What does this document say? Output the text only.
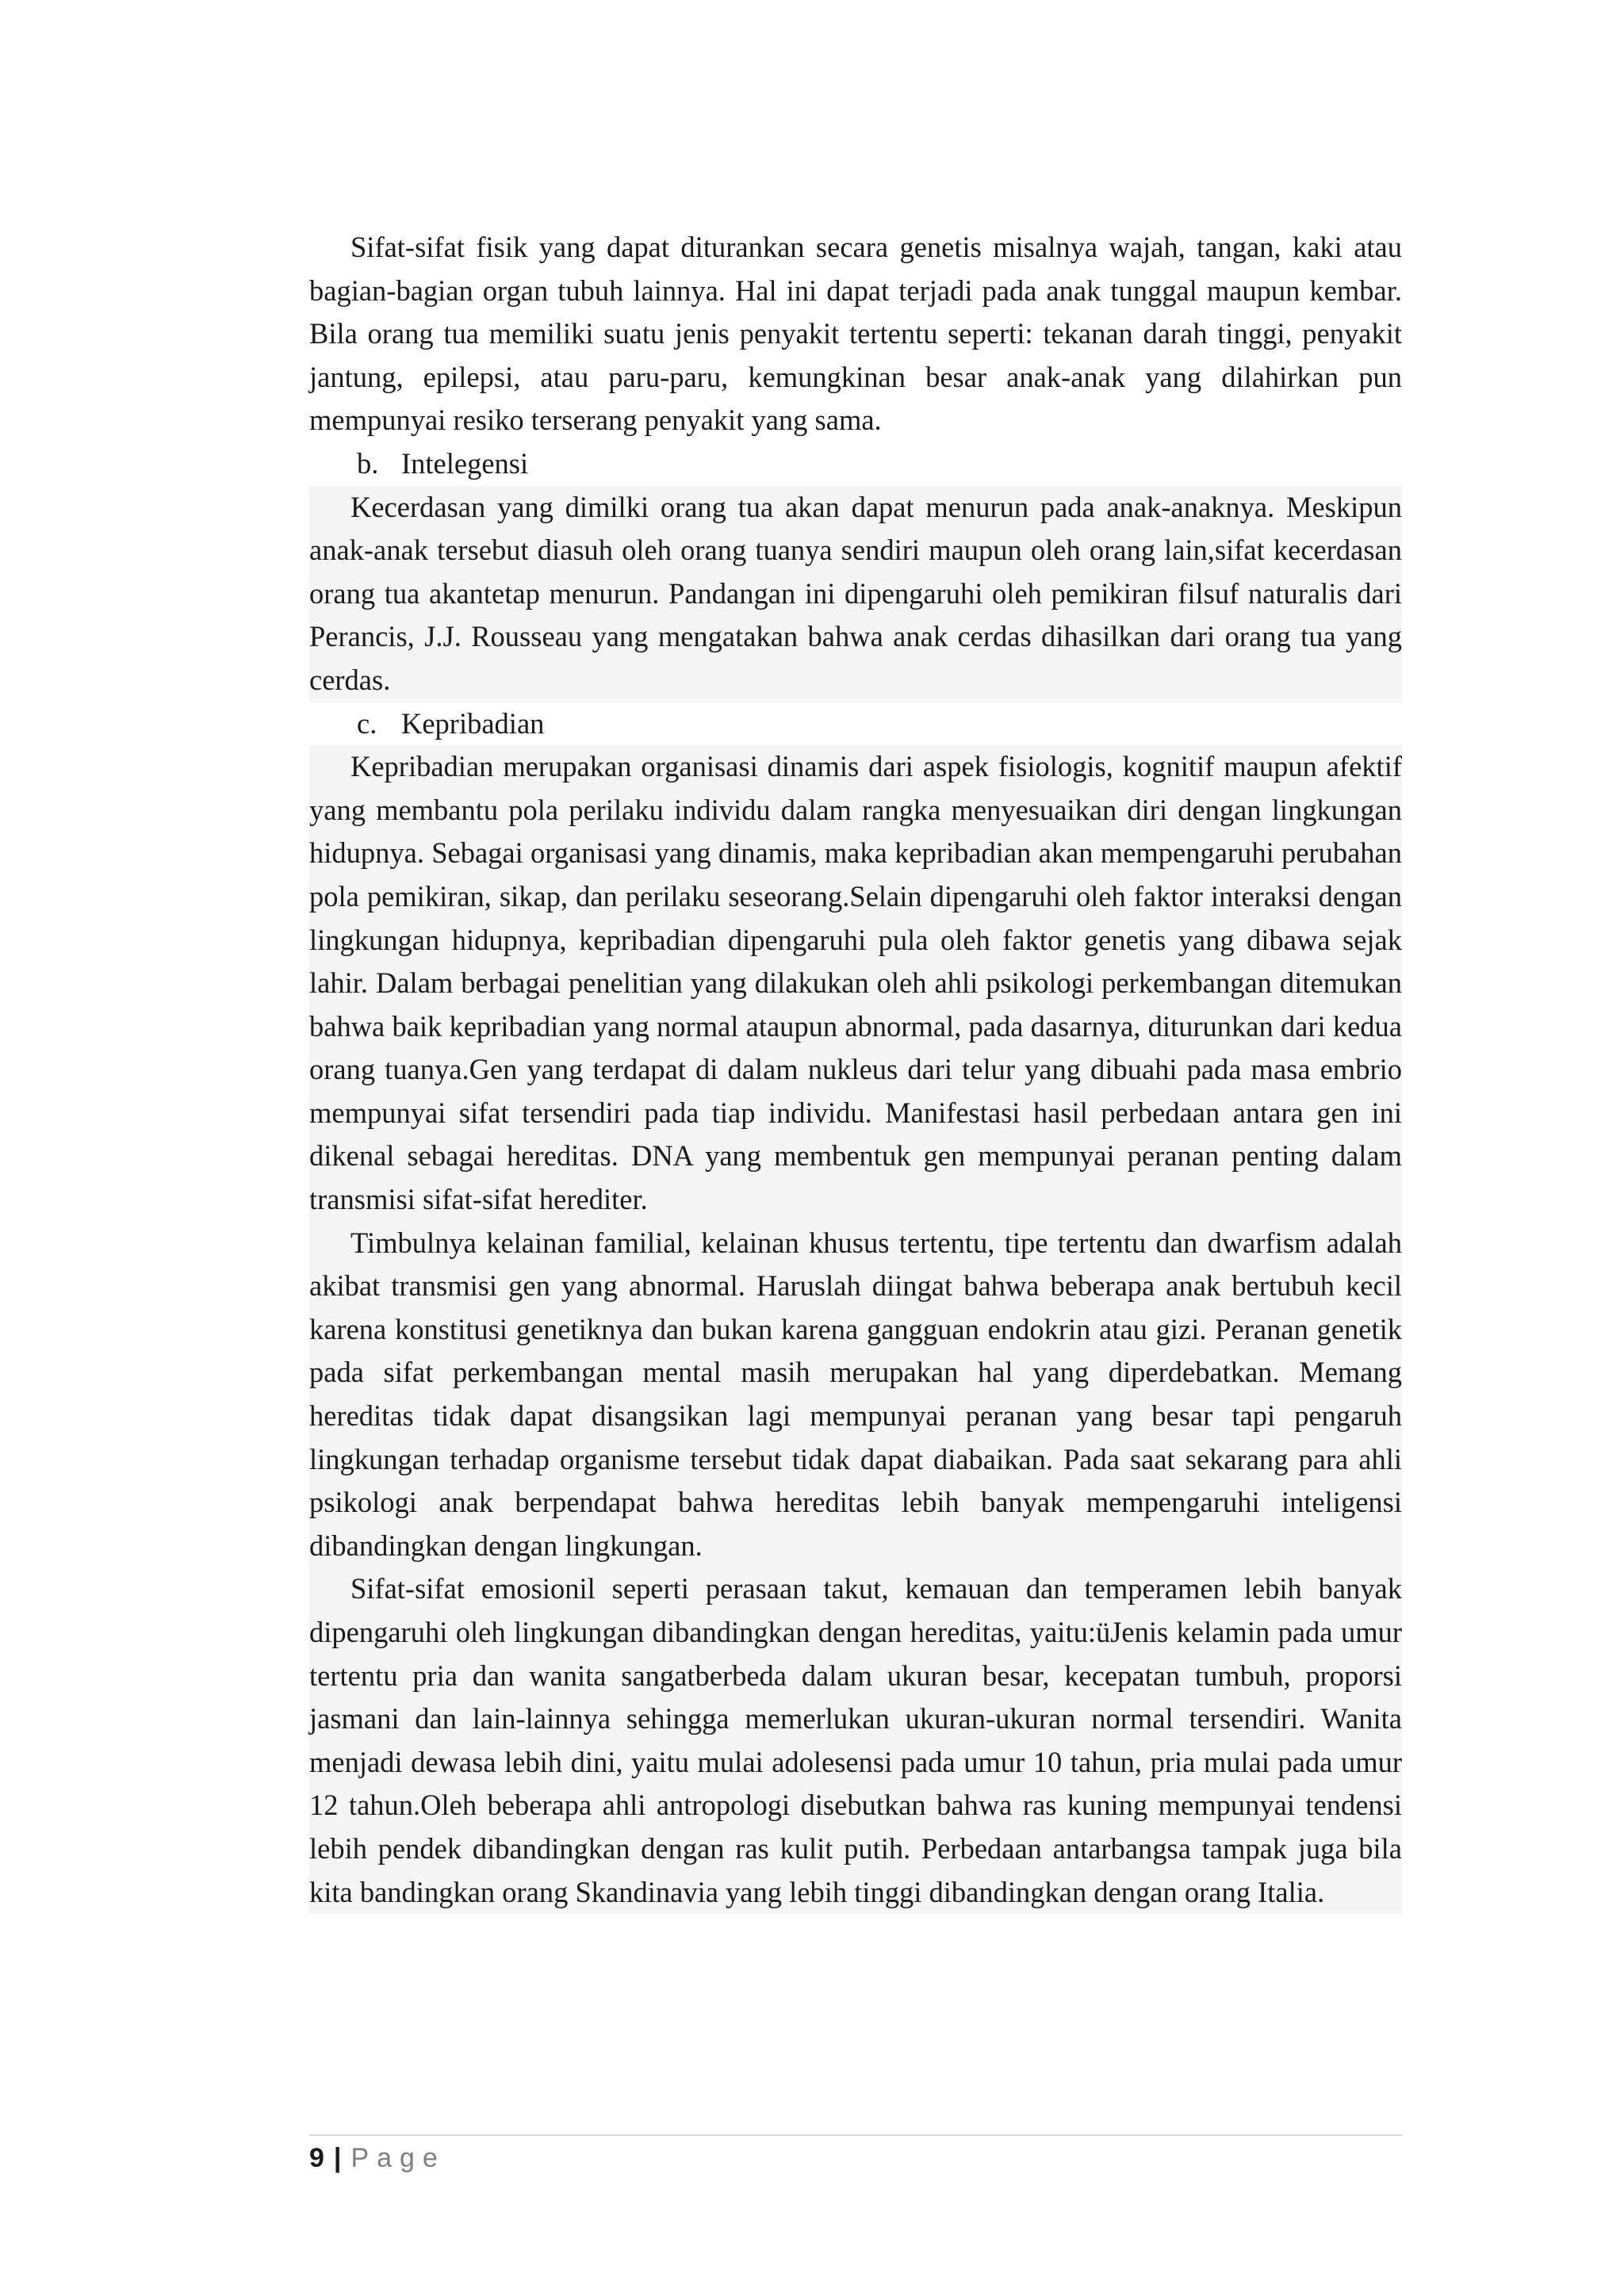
Sifat-sifat fisik yang dapat diturankan secara genetis misalnya wajah, tangan, kaki atau bagian-bagian organ tubuh lainnya. Hal ini dapat terjadi pada anak tunggal maupun kembar. Bila orang tua memiliki suatu jenis penyakit tertentu seperti: tekanan darah tinggi, penyakit jantung, epilepsi, atau paru-paru, kemungkinan besar anak-anak yang dilahirkan pun mempunyai resiko terserang penyakit yang sama.

b. Intelegensi

Kecerdasan yang dimilki orang tua akan dapat menurun pada anak-anaknya. Meskipun anak-anak tersebut diasuh oleh orang tuanya sendiri maupun oleh orang lain,sifat kecerdasan orang tua akantetap menurun. Pandangan ini dipengaruhi oleh pemikiran filsuf naturalis dari Perancis, J.J. Rousseau yang mengatakan bahwa anak cerdas dihasilkan dari orang tua yang cerdas.

c. Kepribadian

Kepribadian merupakan organisasi dinamis dari aspek fisiologis, kognitif maupun afektif yang membantu pola perilaku individu dalam rangka menyesuaikan diri dengan lingkungan hidupnya. Sebagai organisasi yang dinamis, maka kepribadian akan mempengaruhi perubahan pola pemikiran, sikap, dan perilaku seseorang.Selain dipengaruhi oleh faktor interaksi dengan lingkungan hidupnya, kepribadian dipengaruhi pula oleh faktor genetis yang dibawa sejak lahir. Dalam berbagai penelitian yang dilakukan oleh ahli psikologi perkembangan ditemukan bahwa baik kepribadian yang normal ataupun abnormal, pada dasarnya, diturunkan dari kedua orang tuanya.Gen yang terdapat di dalam nukleus dari telur yang dibuahi pada masa embrio mempunyai sifat tersendiri pada tiap individu. Manifestasi hasil perbedaan antara gen ini dikenal sebagai hereditas. DNA yang membentuk gen mempunyai peranan penting dalam transmisi sifat-sifat herediter.

Timbulnya kelainan familial, kelainan khusus tertentu, tipe tertentu dan dwarfism adalah akibat transmisi gen yang abnormal. Haruslah diingat bahwa beberapa anak bertubuh kecil karena konstitusi genetiknya dan bukan karena gangguan endokrin atau gizi. Peranan genetik pada sifat perkembangan mental masih merupakan hal yang diperdebatkan. Memang hereditas tidak dapat disangsikan lagi mempunyai peranan yang besar tapi pengaruh lingkungan terhadap organisme tersebut tidak dapat diabaikan. Pada saat sekarang para ahli psikologi anak berpendapat bahwa hereditas lebih banyak mempengaruhi inteligensi dibandingkan dengan lingkungan.

Sifat-sifat emosionil seperti perasaan takut, kemauan dan temperamen lebih banyak dipengaruhi oleh lingkungan dibandingkan dengan hereditas, yaitu:üJenis kelamin pada umur tertentu pria dan wanita sangatberbeda dalam ukuran besar, kecepatan tumbuh, proporsi jasmani dan lain-lainnya sehingga memerlukan ukuran-ukuran normal tersendiri. Wanita menjadi dewasa lebih dini, yaitu mulai adolesensi pada umur 10 tahun, pria mulai pada umur 12 tahun.Oleh beberapa ahli antropologi disebutkan bahwa ras kuning mempunyai tendensi lebih pendek dibandingkan dengan ras kulit putih. Perbedaan antarbangsa tampak juga bila kita bandingkan orang Skandinavia yang lebih tinggi dibandingkan dengan orang Italia.

9 | Page
